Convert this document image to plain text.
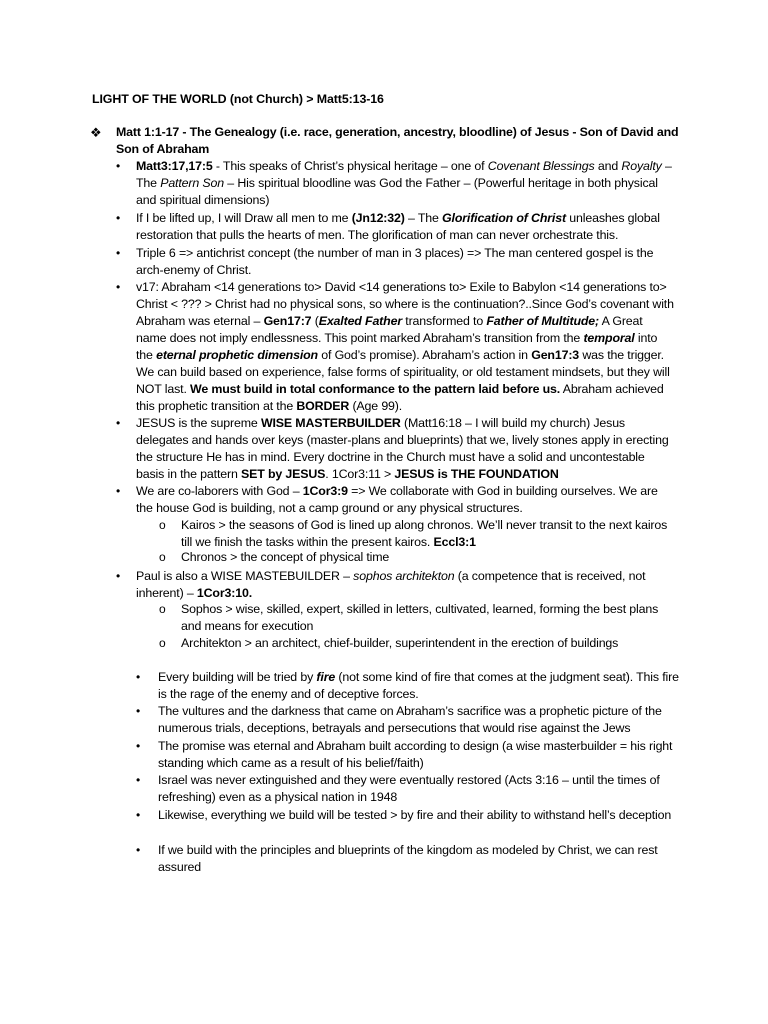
LIGHT OF THE WORLD (not Church) > Matt5:13-16
❖ Matt 1:1-17 - The Genealogy (i.e. race, generation, ancestry, bloodline) of Jesus - Son of David and Son of Abraham
• Matt3:17,17:5 - This speaks of Christ’s physical heritage – one of Covenant Blessings and Royalty – The Pattern Son – His spiritual bloodline was God the Father – (Powerful heritage in both physical and spiritual dimensions)
• If I be lifted up, I will Draw all men to me (Jn12:32) – The Glorification of Christ unleashes global restoration that pulls the hearts of men. The glorification of man can never orchestrate this.
• Triple 6 => antichrist concept (the number of man in 3 places) => The man centered gospel is the arch-enemy of Christ.
• v17: Abraham <14 generations to> David <14 generations to> Exile to Babylon <14 generations to> Christ < ??? > Christ had no physical sons, so where is the continuation?..Since God’s covenant with Abraham was eternal – Gen17:7 (Exalted Father transformed to Father of Multitude; A Great name does not imply endlessness. This point marked Abraham’s transition from the temporal into the eternal prophetic dimension of God’s promise). Abraham’s action in Gen17:3 was the trigger. We can build based on experience, false forms of spirituality, or old testament mindsets, but they will NOT last. We must build in total conformance to the pattern laid before us. Abraham achieved this prophetic transition at the BORDER (Age 99).
• JESUS is the supreme WISE MASTERBUILDER (Matt16:18 – I will build my church) Jesus delegates and hands over keys (master-plans and blueprints) that we, lively stones apply in erecting the structure He has in mind. Every doctrine in the Church must have a solid and uncontestable basis in the pattern SET by JESUS. 1Cor3:11 > JESUS is THE FOUNDATION
• We are co-laborers with God – 1Cor3:9 => We collaborate with God in building ourselves. We are the house God is building, not a camp ground or any physical structures.
o Kairos > the seasons of God is lined up along chronos. We’ll never transit to the next kairos till we finish the tasks within the present kairos. Eccl3:1
o Chronos > the concept of physical time
• Paul is also a WISE MASTEBUILDER – sophos architekton (a competence that is received, not inherent) – 1Cor3:10.
o Sophos > wise, skilled, expert, skilled in letters, cultivated, learned, forming the best plans and means for execution
o Architekton > an architect, chief-builder, superintendent in the erection of buildings
• Every building will be tried by fire (not some kind of fire that comes at the judgment seat). This fire is the rage of the enemy and of deceptive forces.
• The vultures and the darkness that came on Abraham’s sacrifice was a prophetic picture of the numerous trials, deceptions, betrayals and persecutions that would rise against the Jews
• The promise was eternal and Abraham built according to design (a wise masterbuilder = his right standing which came as a result of his belief/faith)
• Israel was never extinguished and they were eventually restored (Acts 3:16 – until the times of refreshing) even as a physical nation in 1948
• Likewise, everything we build will be tested > by fire and their ability to withstand hell’s deception
• If we build with the principles and blueprints of the kingdom as modeled by Christ, we can rest assured
